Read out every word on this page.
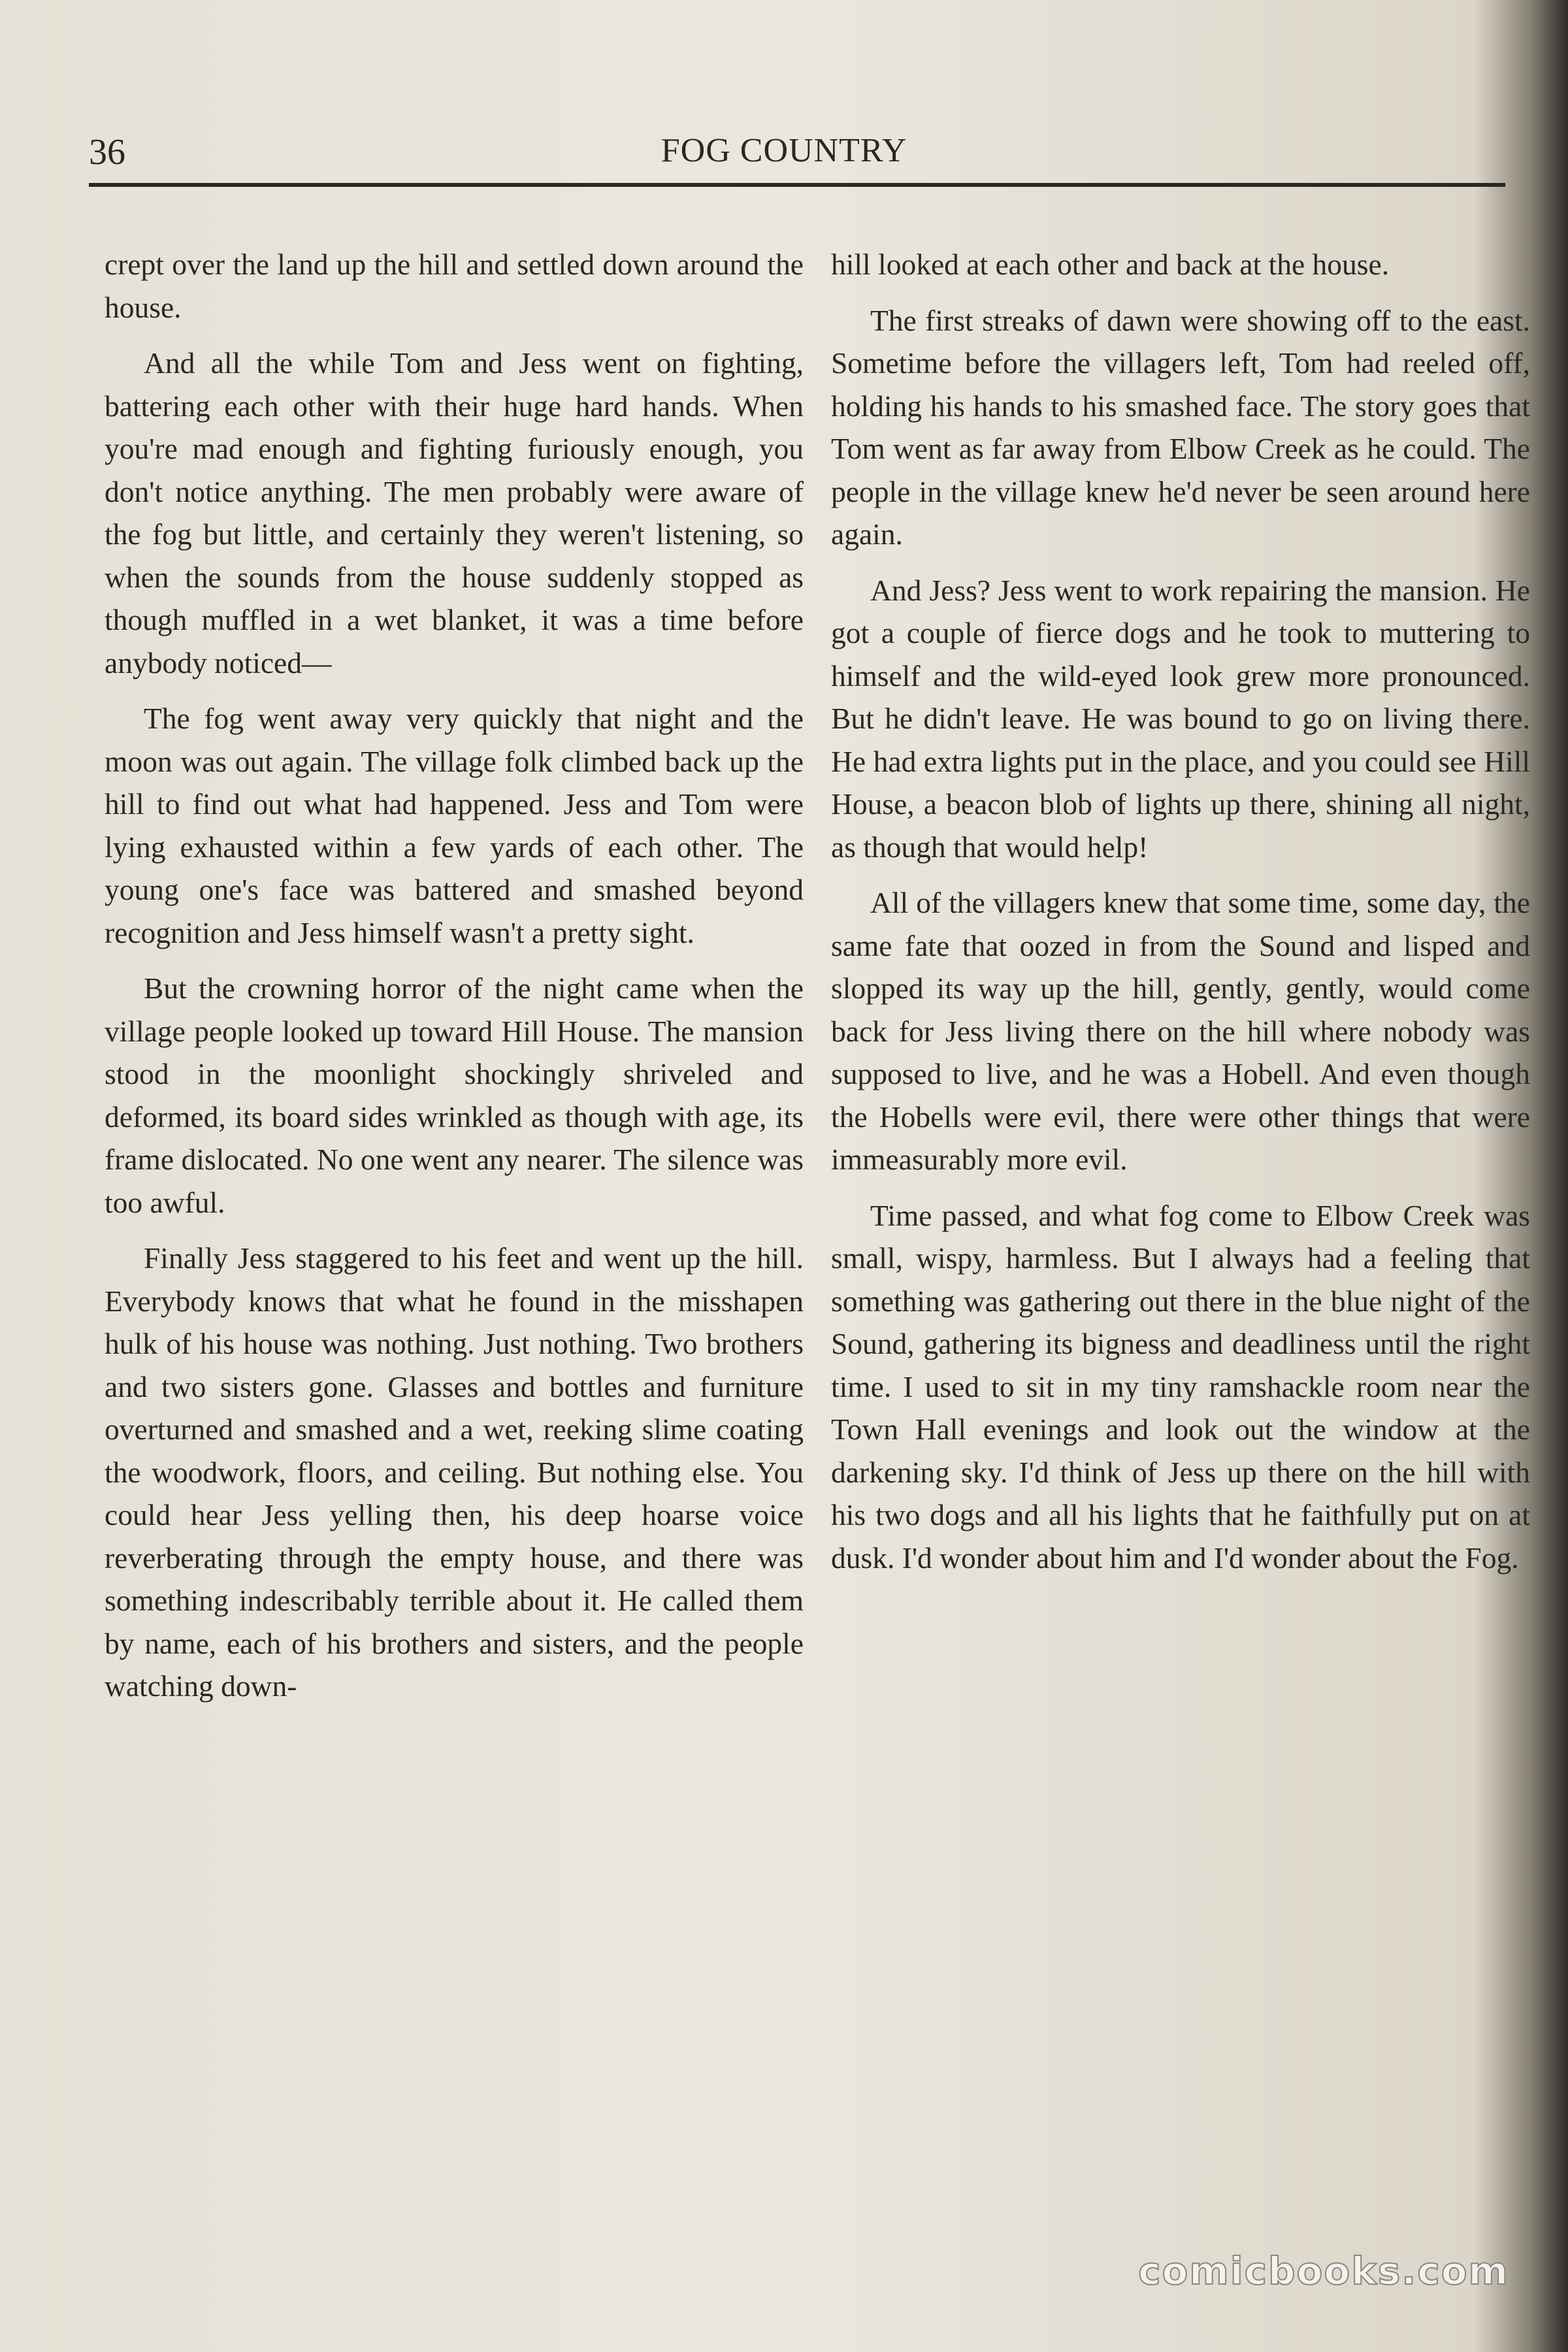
36	FOG COUNTRY

crept over the land up the hill and settled down around the house.

And all the while Tom and Jess went on fighting, battering each other with their huge hard hands. When you're mad enough and fighting furiously enough, you don't notice anything. The men probably were aware of the fog but little, and certainly they weren't listening, so when the sounds from the house suddenly stopped as though muffled in a wet blanket, it was a time before anybody noticed—

The fog went away very quickly that night and the moon was out again. The village folk climbed back up the hill to find out what had happened. Jess and Tom were lying exhausted within a few yards of each other. The young one's face was battered and smashed beyond recognition and Jess himself wasn't a pretty sight.

But the crowning horror of the night came when the village people looked up toward Hill House. The mansion stood in the moonlight shockingly shriveled and deformed, its board sides wrinkled as though with age, its frame dislocated. No one went any nearer. The silence was too awful.

Finally Jess staggered to his feet and went up the hill. Everybody knows that what he found in the misshapen hulk of his house was nothing. Just nothing. Two brothers and two sisters gone. Glasses and bottles and furniture overturned and smashed and a wet, reeking slime coating the woodwork, floors, and ceiling. But nothing else. You could hear Jess yelling then, his deep hoarse voice reverberating through the empty house, and there was something indescribably terrible about it. He called them by name, each of his brothers and sisters, and the people watching down-

hill looked at each other and back at the house.

The first streaks of dawn were showing off to the east. Sometime before the villagers left, Tom had reeled off, holding his hands to his smashed face. The story goes that Tom went as far away from Elbow Creek as he could. The people in the village knew he'd never be seen around here again.

And Jess? Jess went to work repairing the mansion. He got a couple of fierce dogs and he took to muttering to himself and the wild-eyed look grew more pronounced. But he didn't leave. He was bound to go on living there. He had extra lights put in the place, and you could see Hill House, a beacon blob of lights up there, shining all night, as though that would help!

All of the villagers knew that some time, some day, the same fate that oozed in from the Sound and lisped and slopped its way up the hill, gently, gently, would come back for Jess living there on the hill where nobody was supposed to live, and he was a Hobell. And even though the Hobells were evil, there were other things that were immeasurably more evil.

Time passed, and what fog come to Elbow Creek was small, wispy, harmless. But I always had a feeling that something was gathering out there in the blue night of the Sound, gathering its bigness and deadliness until the right time. I used to sit in my tiny ramshackle room near the Town Hall evenings and look out the window at the darkening sky. I'd think of Jess up there on the hill with his two dogs and all his lights that he faithfully put on at dusk. I'd wonder about him and I'd wonder about the Fog.

comicbooks.com
